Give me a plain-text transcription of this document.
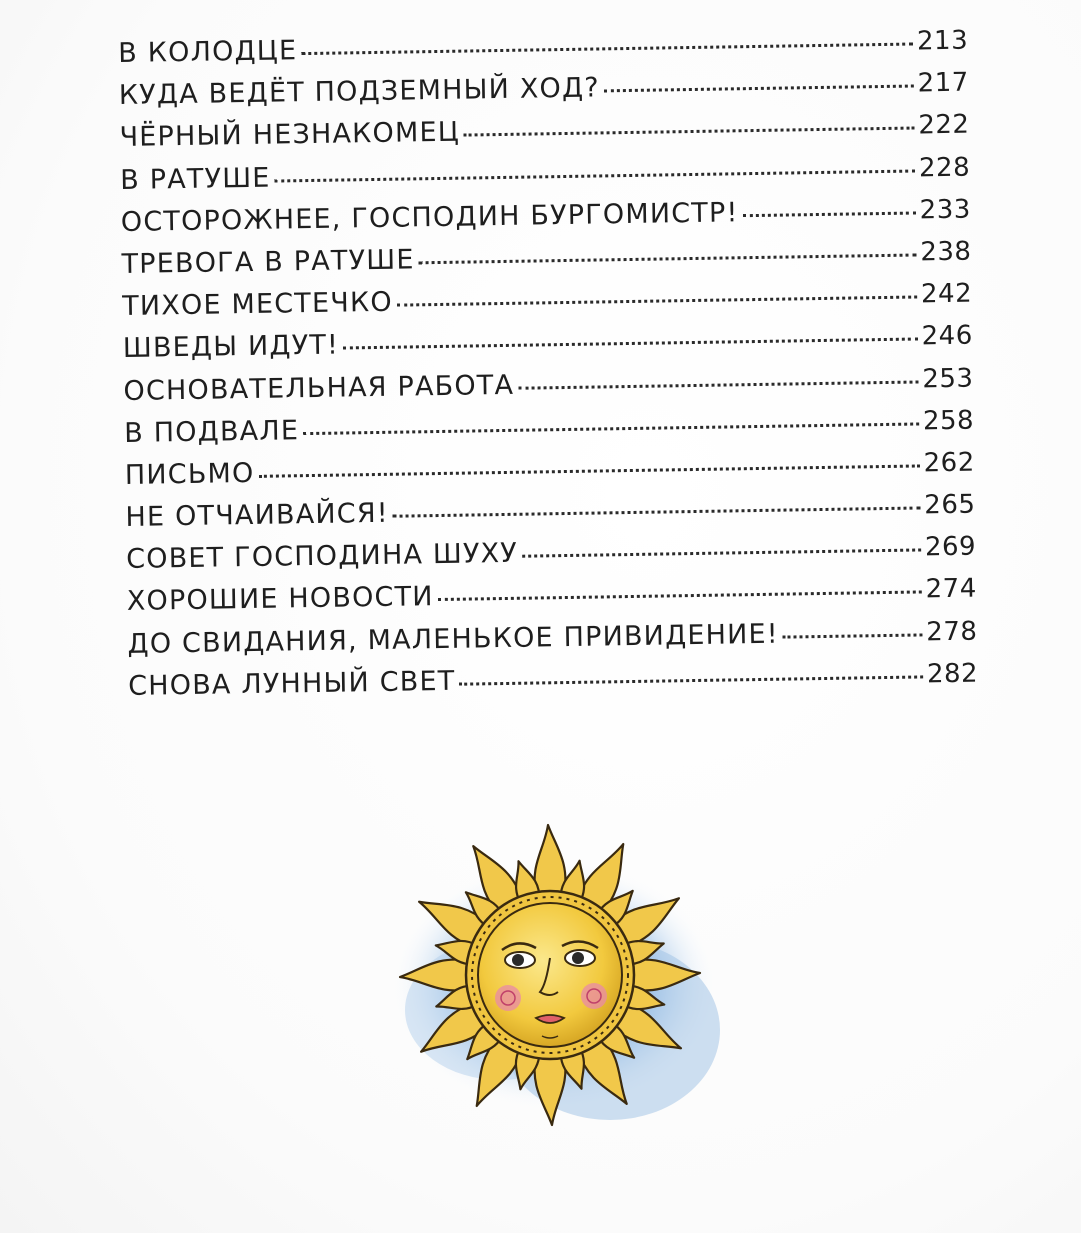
В КОЛОДЦЕ	213
КУДА ВЕДЁТ ПОДЗЕМНЫЙ ХОД?	217
ЧЁРНЫЙ НЕЗНАКОМЕЦ	222
В РАТУШЕ	228
ОСТОРОЖНЕЕ, ГОСПОДИН БУРГОМИСТР!	233
ТРЕВОГА В РАТУШЕ	238
ТИХОЕ МЕСТЕЧКО	242
ШВЕДЫ ИДУТ!	246
ОСНОВАТЕЛЬНАЯ РАБОТА	253
В ПОДВАЛЕ	258
ПИСЬМО	262
НЕ ОТЧАИВАЙСЯ!	265
СОВЕТ ГОСПОДИНА ШУХУ	269
ХОРОШИЕ НОВОСТИ	274
ДО СВИДАНИЯ, МАЛЕНЬКОЕ ПРИВИДЕНИЕ!	278
СНОВА ЛУННЫЙ СВЕТ	282
